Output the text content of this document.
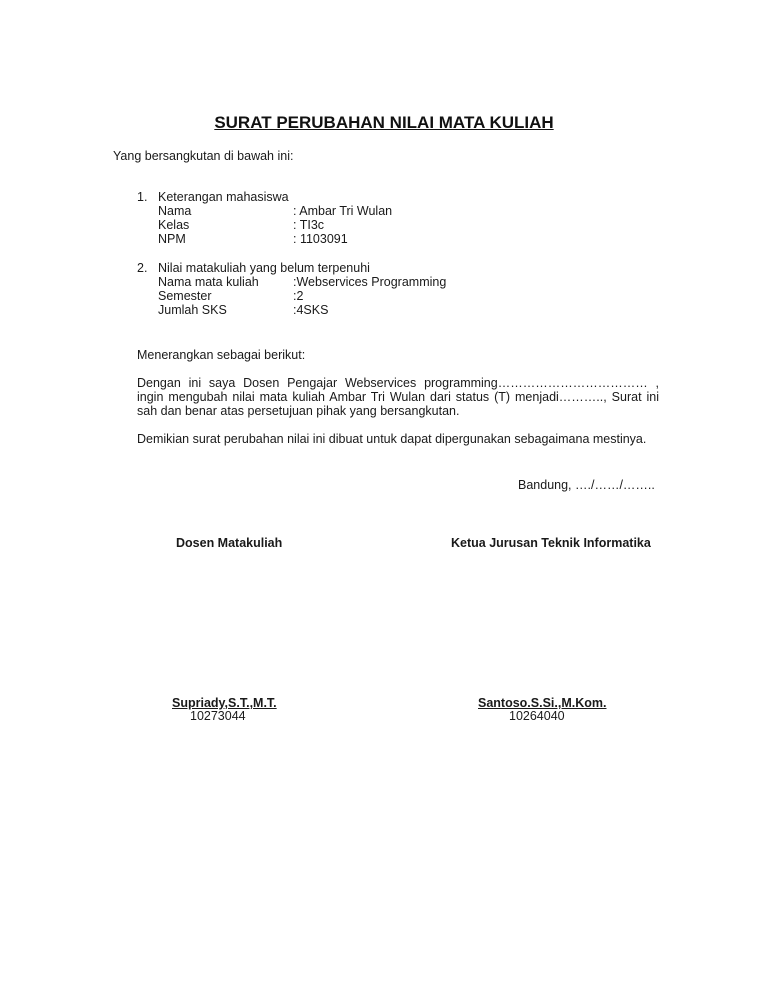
SURAT PERUBAHAN NILAI MATA KULIAH
Yang bersangkutan di bawah ini:
1. Keterangan mahasiswa
Nama	: Ambar Tri Wulan
Kelas	: TI3c
NPM	: 1103091
2. Nilai matakuliah yang belum terpenuhi
Nama mata kuliah	:Webservices Programming
Semester	:2
Jumlah SKS	:4SKS
Menerangkan sebagai berikut:
Dengan ini saya Dosen Pengajar Webservices programming……………………………… ,
ingin mengubah nilai mata kuliah Ambar Tri Wulan dari status (T) menjadi……….., Surat ini
sah dan benar atas persetujuan pihak yang bersangkutan.
Demikian surat perubahan nilai ini dibuat untuk dapat dipergunakan sebagaimana mestinya.
Bandung, …./……/……..
Dosen Matakuliah	Ketua Jurusan Teknik Informatika
Supriady,S.T.,M.T.
10273044
Santoso.S.Si.,M.Kom.
10264040
